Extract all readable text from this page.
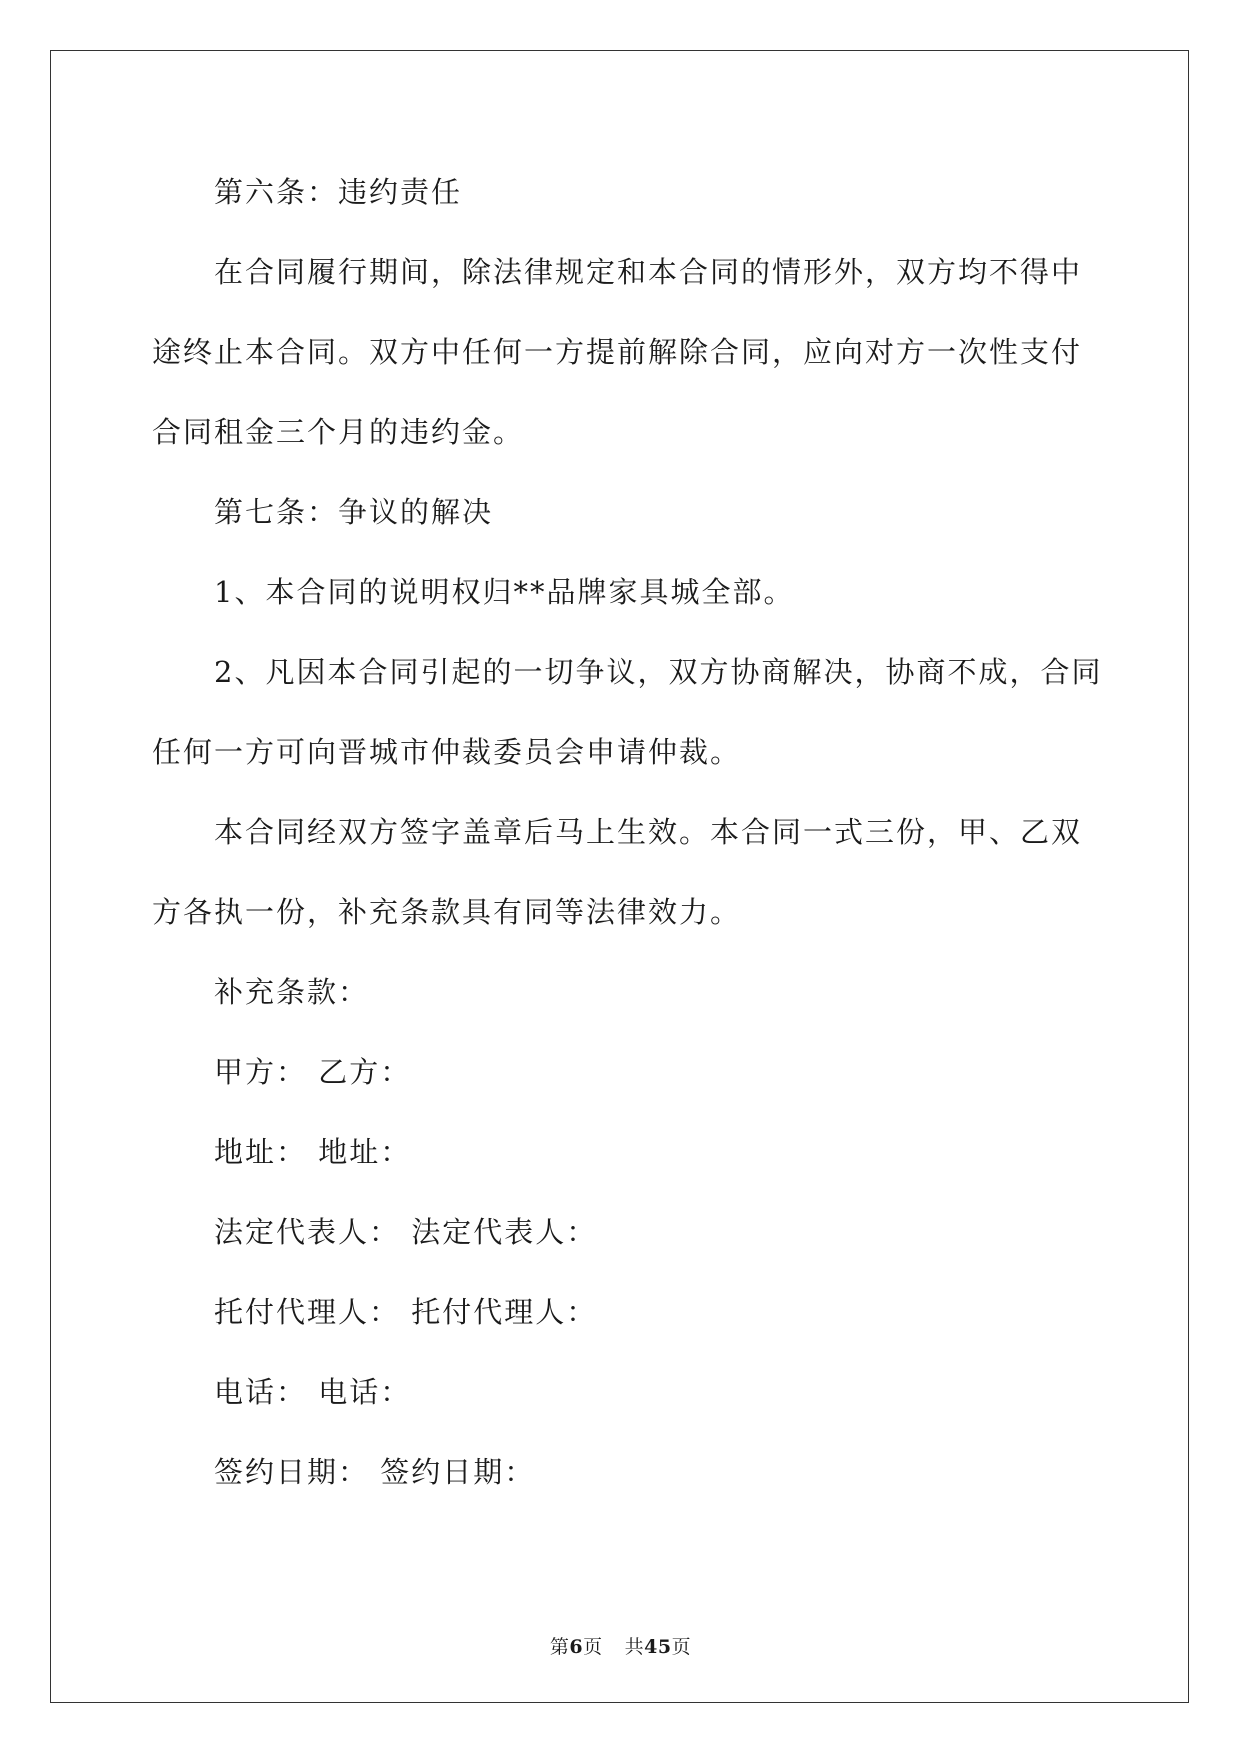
第六条：违约责任
在合同履行期间，除法律规定和本合同的情形外，双方均不得中
途终止本合同。双方中任何一方提前解除合同，应向对方一次性支付
合同租金三个月的违约金。
第七条：争议的解决
1、本合同的说明权归**品牌家具城全部。
2、凡因本合同引起的一切争议，双方协商解决，协商不成，合同
任何一方可向晋城市仲裁委员会申请仲裁。
本合同经双方签字盖章后马上生效。本合同一式三份，甲、乙双
方各执一份，补充条款具有同等法律效力。
补充条款：
甲方： 乙方：
地址： 地址：
法定代表人： 法定代表人：
托付代理人： 托付代理人：
电话： 电话：
签约日期： 签约日期：
第6页 共45页
